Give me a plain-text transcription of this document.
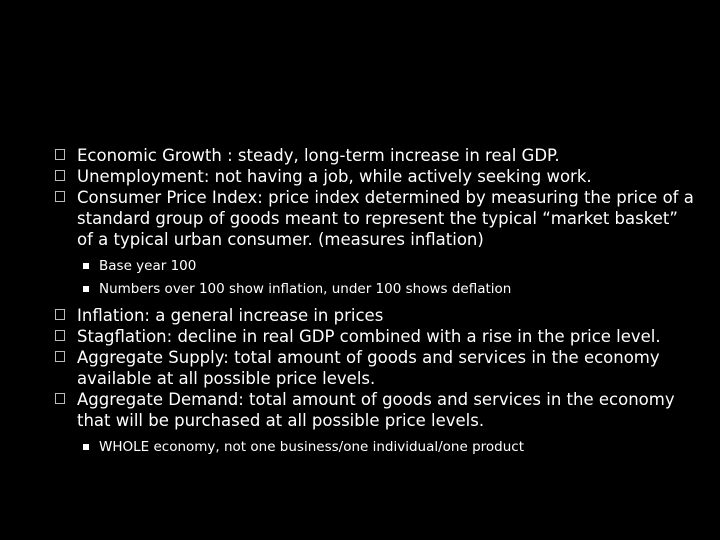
Economic Growth : steady, long-term increase in real GDP.

Unemployment: not having a job, while actively seeking work.

Consumer Price Index: price index determined by measuring the price of a standard group of goods meant to represent the typical “market basket” of a typical urban consumer. (measures inflation)

Base year 100

Numbers over 100 show inflation, under 100 shows deflation

Inflation: a general increase in prices

Stagflation: decline in real GDP combined with a rise in the price level.

Aggregate Supply: total amount of goods and services in the economy available at all possible price levels.

Aggregate Demand: total amount of goods and services in the economy that will be purchased at all possible price levels.

WHOLE economy, not one business/one individual/one product
